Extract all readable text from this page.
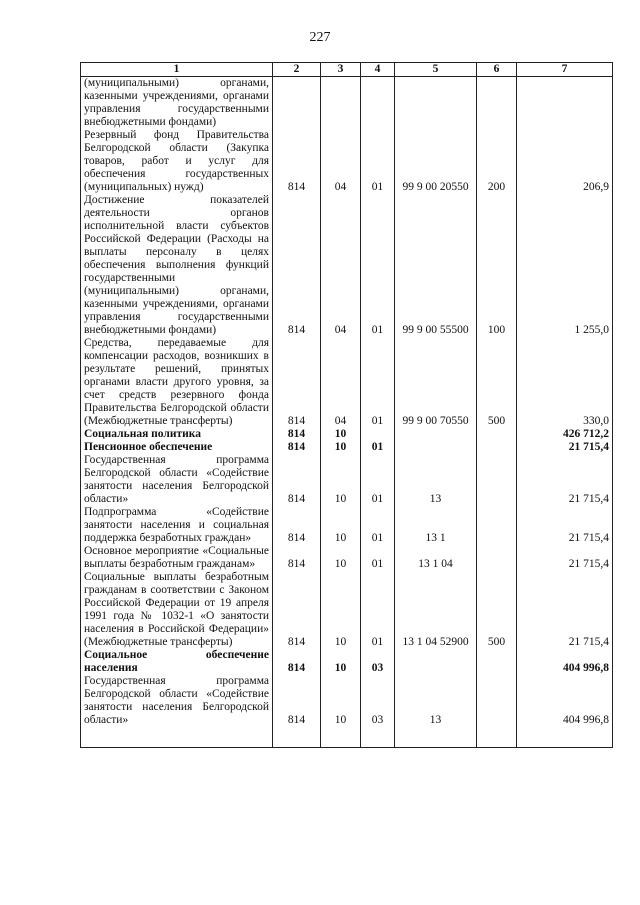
227
1	2	3	4	5	6	7
(муниципальными) органами, казенными учреждениями, органами управления государственными внебюджетными фондами)						
Резервный фонд Правительства Белгородской области (Закупка товаров, работ и услуг для обеспечения государственных (муниципальных) нужд)	814	04	01	99 9 00 20550	200	206,9
Достижение показателей деятельности органов исполнительной власти субъектов Российской Федерации (Расходы на выплаты персоналу в целях обеспечения выполнения функций государственными (муниципальными) органами, казенными учреждениями, органами управления государственными внебюджетными фондами)	814	04	01	99 9 00 55500	100	1 255,0
Средства, передаваемые для компенсации расходов, возникших в результате решений, принятых органами власти другого уровня, за счет средств резервного фонда Правительства Белгородской области (Межбюджетные трансферты)	814	04	01	99 9 00 70550	500	330,0
Социальная политика	814	10				426 712,2
Пенсионное обеспечение	814	10	01			21 715,4
Государственная программа Белгородской области «Содействие занятости населения Белгородской области»	814	10	01	13		21 715,4
Подпрограмма «Содействие занятости населения и социальная поддержка безработных граждан»	814	10	01	13 1		21 715,4
Основное мероприятие «Социальные выплаты безработным гражданам»	814	10	01	13 1 04		21 715,4
Социальные выплаты безработным гражданам в соответствии с Законом Российской Федерации от 19 апреля 1991 года № 1032-1 «О занятости населения в Российской Федерации» (Межбюджетные трансферты)	814	10	01	13 1 04 52900	500	21 715,4
Социальное обеспечение населения	814	10	03			404 996,8
Государственная программа Белгородской области «Содействие занятости населения Белгородской области»	814	10	03	13		404 996,8
